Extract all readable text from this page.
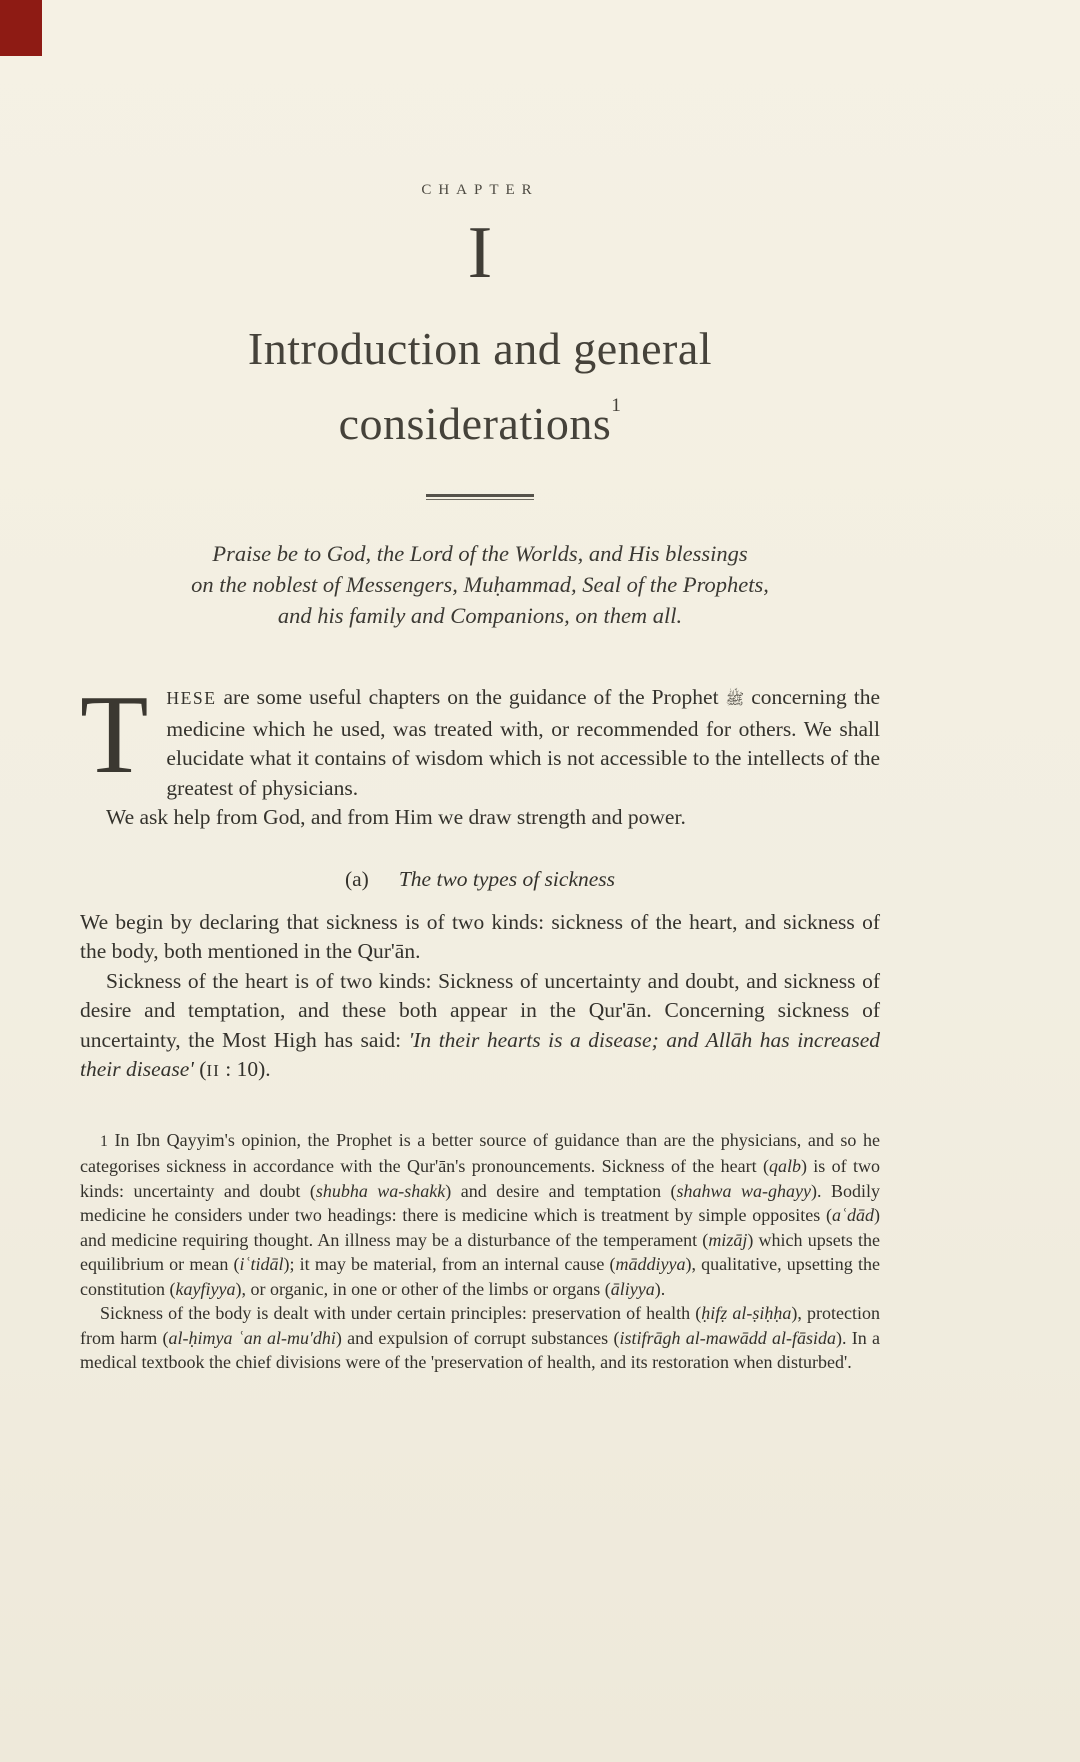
CHAPTER
I
Introduction and general
considerations$^1$
Praise be to God, the Lord of the Worlds, and His blessings
on the noblest of Messengers, Muḥammad, Seal of the Prophets,
and his family and Companions, on them all.

T	HESE are some useful chapters on the guidance of the Prophet ﷺ concerning the medicine which he used, was treated with, or recommended for others. We shall elucidate what it contains of wisdom which is not accessible to the intellects of the greatest of physicians.

We ask help from God, and from Him we draw strength and power.

(a) The two types of sickness

We begin by declaring that sickness is of two kinds: sickness of the heart, and sickness of the body, both mentioned in the Qur'ān.

Sickness of the heart is of two kinds: Sickness of uncertainty and doubt, and sickness of desire and temptation, and these both appear in the Qur'ān. Concerning sickness of uncertainty, the Most High has said: 'In their hearts is a disease; and Allāh has increased their disease' (II : 10).

1 In Ibn Qayyim's opinion, the Prophet is a better source of guidance than are the physicians, and so he categorises sickness in accordance with the Qur'ān's pronouncements. Sickness of the heart (qalb) is of two kinds: uncertainty and doubt (shubha wa-shakk) and desire and temptation (shahwa wa-ghayy). Bodily medicine he considers under two headings: there is medicine which is treatment by simple opposites (aʿdād) and medicine requiring thought. An illness may be a disturbance of the temperament (mizāj) which upsets the equilibrium or mean (iʿtidāl); it may be material, from an internal cause (māddiyya), qualitative, upsetting the constitution (kayfiyya), or organic, in one or other of the limbs or organs (āliyya).

Sickness of the body is dealt with under certain principles: preservation of health (ḥifẓ al-ṣiḥḥa), protection from harm (al-ḥimya ʿan al-mu'dhi) and expulsion of corrupt substances (istifrāgh al-mawādd al-fāsida). In a medical textbook the chief divisions were of the 'preservation of health, and its restoration when disturbed'.
